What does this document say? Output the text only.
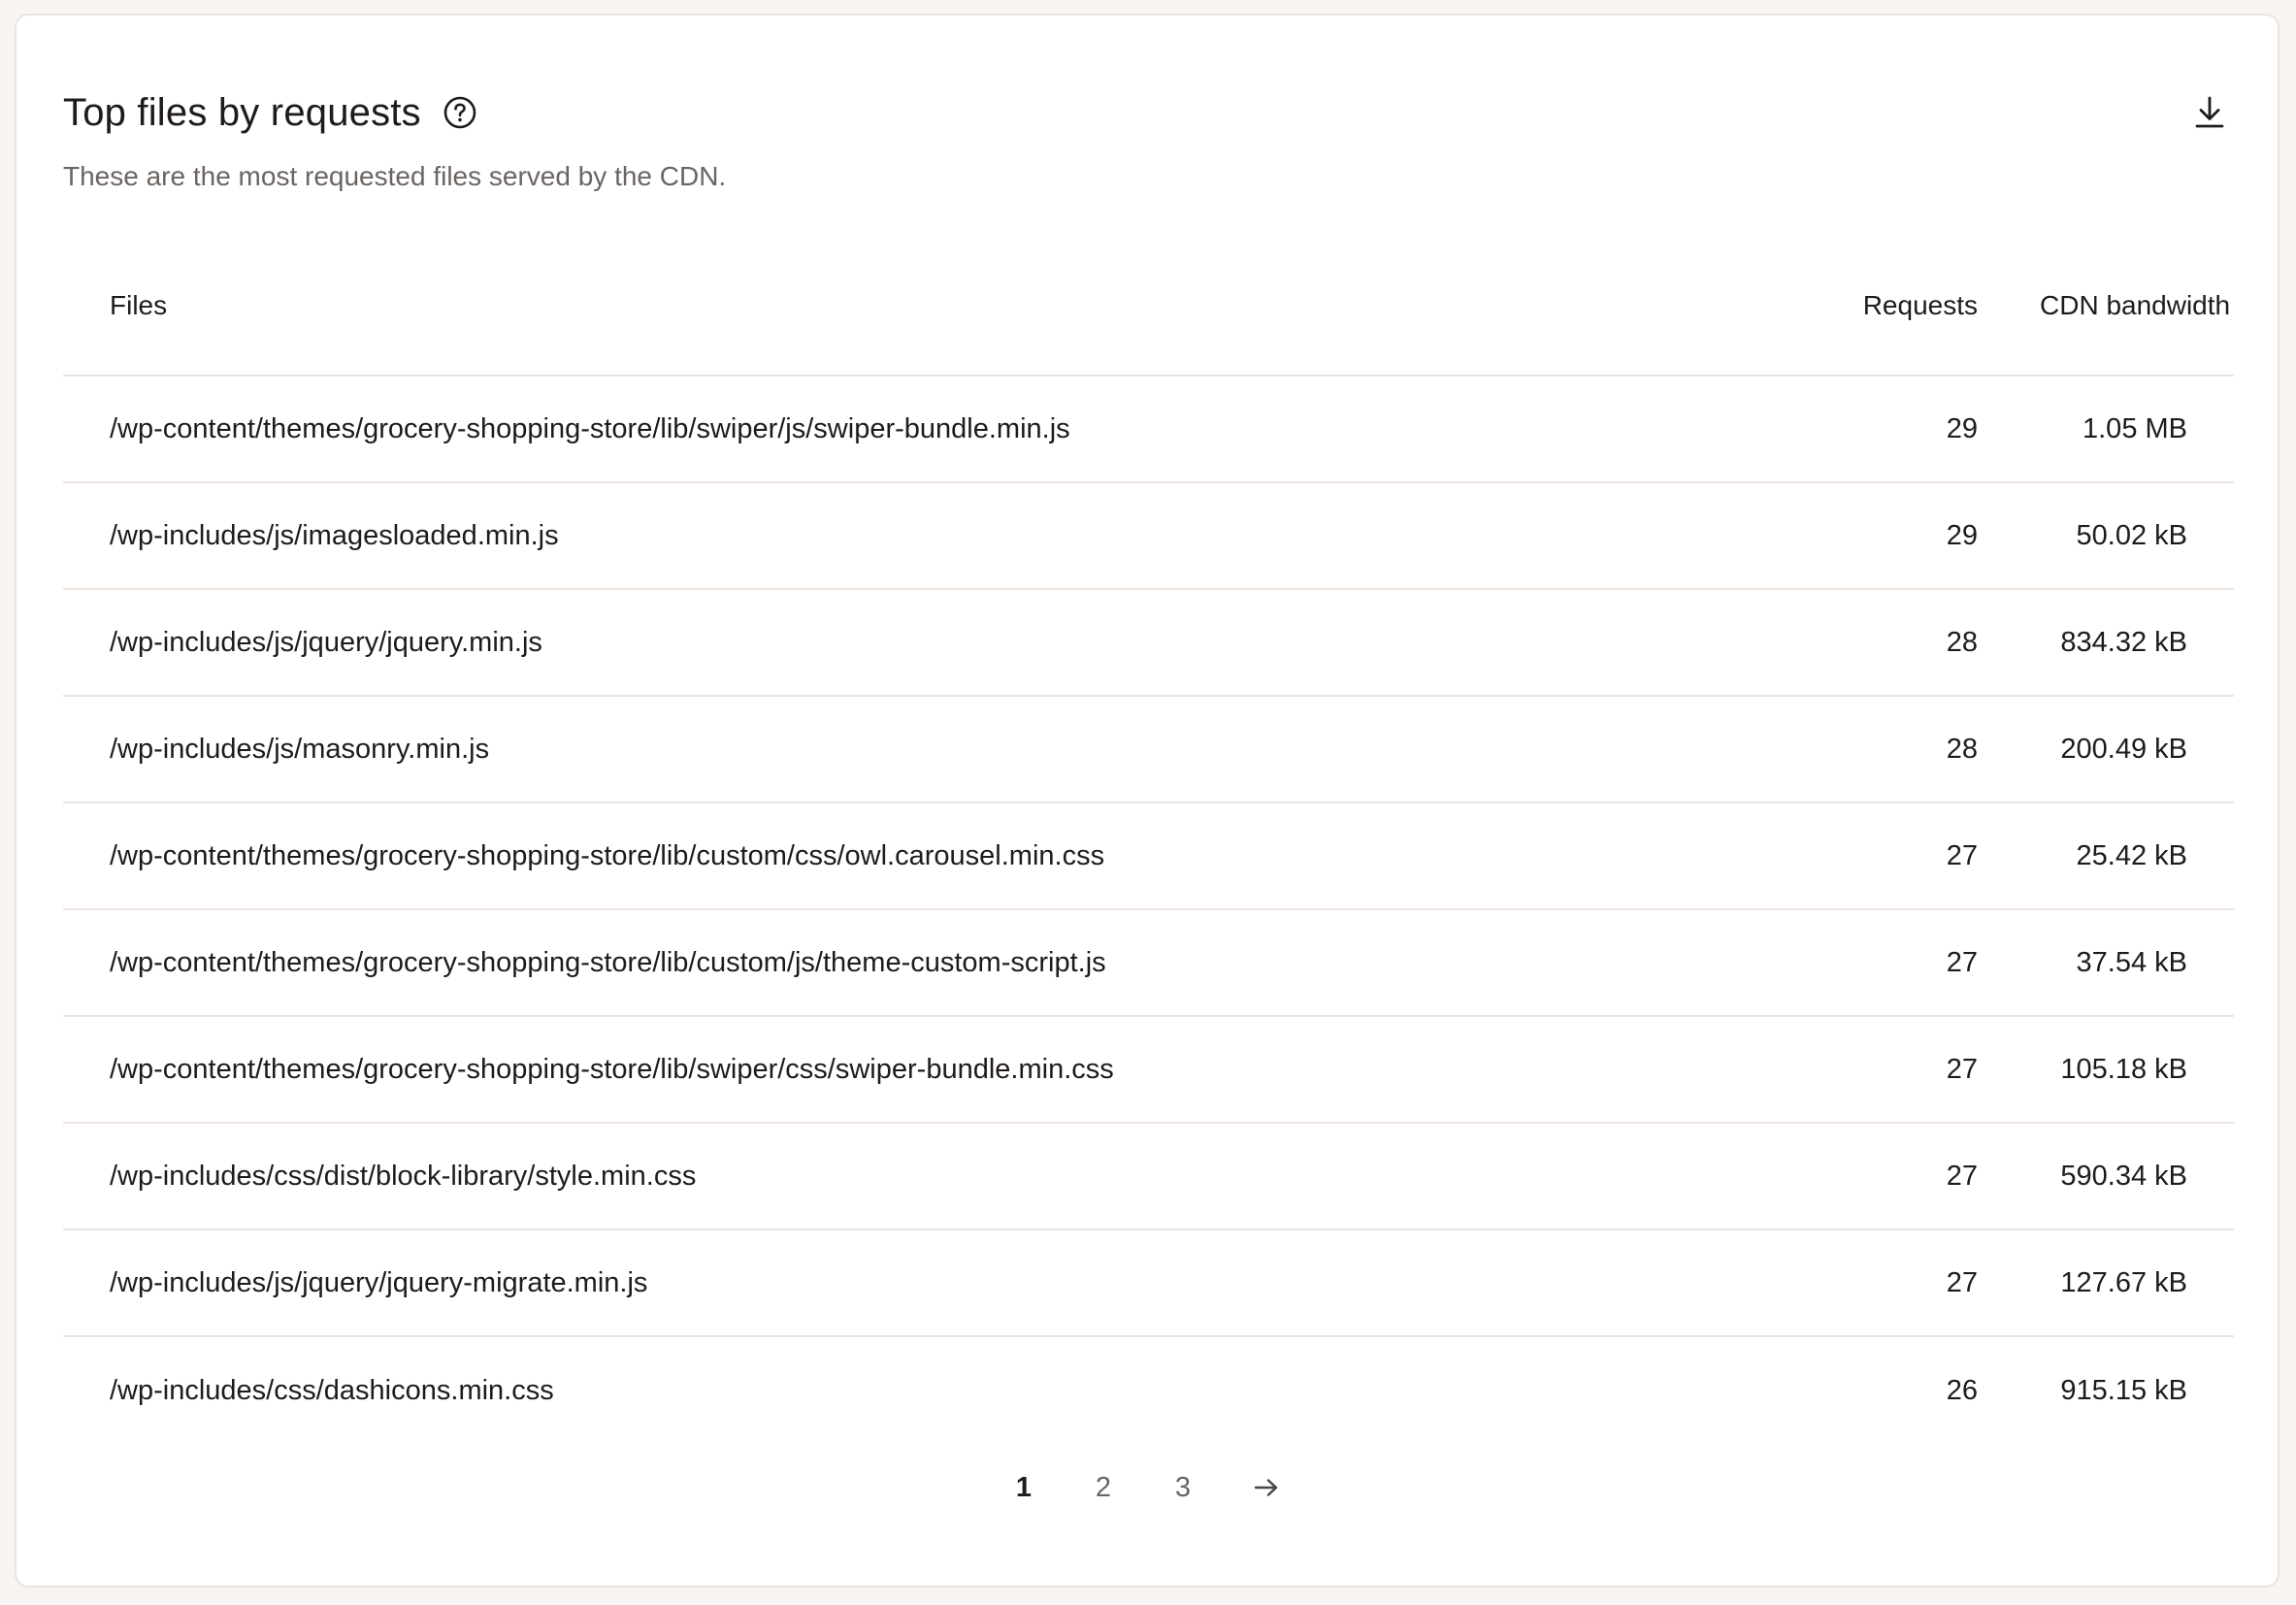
Top files by requests
These are the most requested files served by the CDN.
Files	Requests	CDN bandwidth
/wp-content/themes/grocery-shopping-store/lib/swiper/js/swiper-bundle.min.js	29	1.05 MB
/wp-includes/js/imagesloaded.min.js	29	50.02 kB
/wp-includes/js/jquery/jquery.min.js	28	834.32 kB
/wp-includes/js/masonry.min.js	28	200.49 kB
/wp-content/themes/grocery-shopping-store/lib/custom/css/owl.carousel.min.css	27	25.42 kB
/wp-content/themes/grocery-shopping-store/lib/custom/js/theme-custom-script.js	27	37.54 kB
/wp-content/themes/grocery-shopping-store/lib/swiper/css/swiper-bundle.min.css	27	105.18 kB
/wp-includes/css/dist/block-library/style.min.css	27	590.34 kB
/wp-includes/js/jquery/jquery-migrate.min.js	27	127.67 kB
/wp-includes/css/dashicons.min.css	26	915.15 kB
1	2	3
